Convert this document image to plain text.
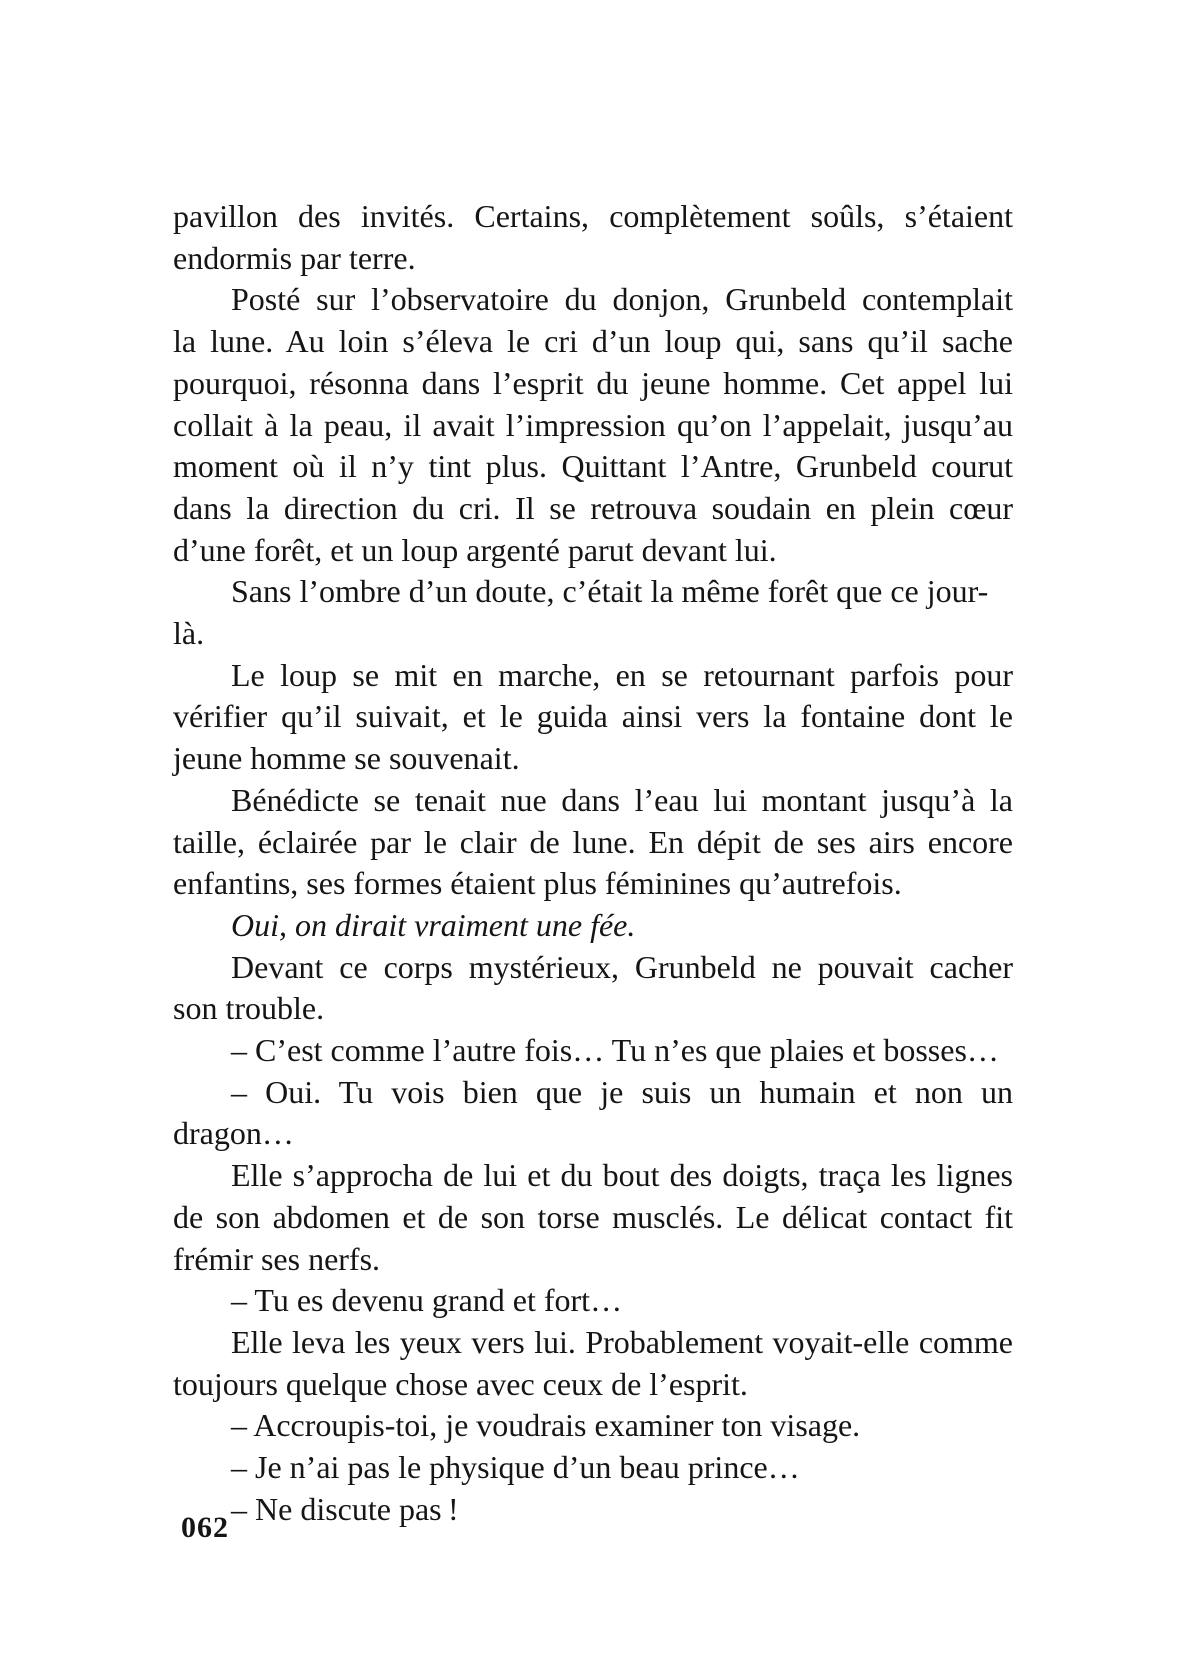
pavillon des invités. Certains, complètement soûls, s’étaient
endormis par terre.
Posté sur l’observatoire du donjon, Grunbeld contemplait
la lune. Au loin s’éleva le cri d’un loup qui, sans qu’il sache
pourquoi, résonna dans l’esprit du jeune homme. Cet appel lui
collait à la peau, il avait l’impression qu’on l’appelait, jusqu’au
moment où il n’y tint plus. Quittant l’Antre, Grunbeld courut
dans la direction du cri. Il se retrouva soudain en plein cœur
d’une forêt, et un loup argenté parut devant lui.
Sans l’ombre d’un doute, c’était la même forêt que ce jour-là.
Le loup se mit en marche, en se retournant parfois pour
vérifier qu’il suivait, et le guida ainsi vers la fontaine dont le
jeune homme se souvenait.
Bénédicte se tenait nue dans l’eau lui montant jusqu’à la
taille, éclairée par le clair de lune. En dépit de ses airs encore
enfantins, ses formes étaient plus féminines qu’autrefois.
Oui, on dirait vraiment une fée.
Devant ce corps mystérieux, Grunbeld ne pouvait cacher
son trouble.
– C’est comme l’autre fois… Tu n’es que plaies et bosses…
– Oui. Tu vois bien que je suis un humain et non un
dragon…
Elle s’approcha de lui et du bout des doigts, traça les lignes
de son abdomen et de son torse musclés. Le délicat contact fit
frémir ses nerfs.
– Tu es devenu grand et fort…
Elle leva les yeux vers lui. Probablement voyait-elle comme
toujours quelque chose avec ceux de l’esprit.
– Accroupis-toi, je voudrais examiner ton visage.
– Je n’ai pas le physique d’un beau prince…
– Ne discute pas !
062
